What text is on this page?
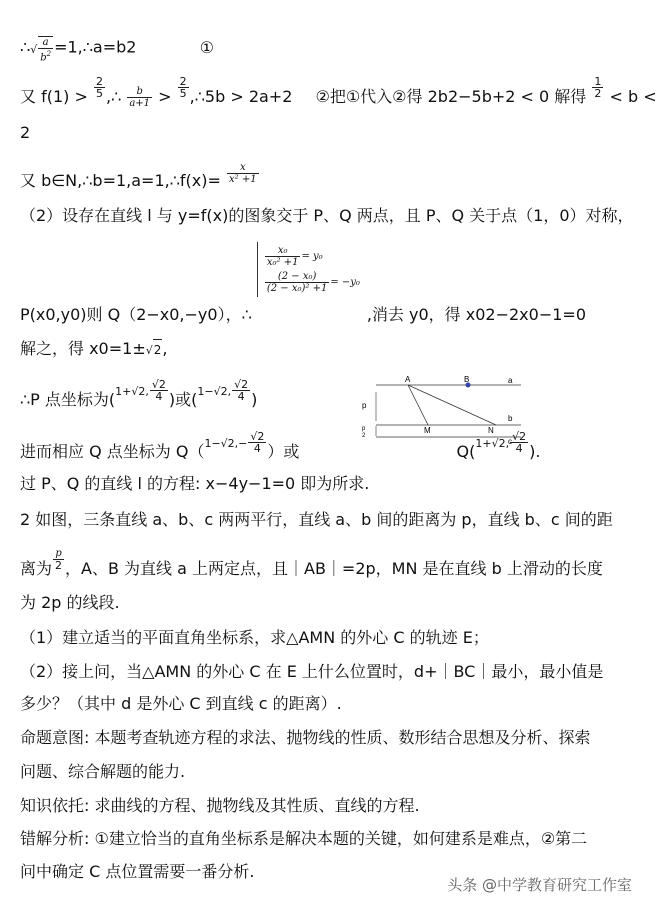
∴√ $\frac{a}{b^2}$ =1,∴a=b2	①
又 $f(1) > \frac{2}{5}$ ,∴ $\frac{b}{a+1} > \frac{2}{5}$ ,∴5b > 2a+2 ②把①代入②得 2b2−5b+2 < 0 解得 $\frac{1}{2} < b$ <
2
又 b∈N,∴b=1,a=1,∴f(x)= $\frac{x}{\text{x² +1}}$
（2）设存在直线 l 与 y=f(x)的图象交于 P、Q 两点，且 P、Q 关于点（1，0）对称，
P(x0,y0)则 Q（2−x0,−y0），∴
$\frac{\text{x₀}}{\text{x₀² +1}} = y_0$
$\frac{\text{(2 − x₀)}}{\text{(2 − x₀)² +1}} = -y_0$
,消去 y0，得 x02−2x0−1=0
解之，得 x0=1±√2,
∴P 点坐标为($^{1+√2,} \frac{√2}{4}$ )或($^{1-√2,} \frac{√2}{4}$ )
进而相应 Q 点坐标为 $Q(^{1-√2,-} \frac{√2}{4}$ ）或	$Q(^{1+√2,} \frac{√2}{4}$ ).
过 P、Q 的直线 l 的方程: x−4y−1=0 即为所求.
2 如图，三条直线 a、b、c 两两平行，直线 a、b 间的距离为 p，直线 b、c 间的距
离为 $\frac{p}{2}$ ，A、B 为直线 a 上两定点，且｜AB｜=2p，MN 是在直线 b 上滑动的长度
为 2p 的线段.
（1）建立适当的平面直角坐标系，求△AMN 的外心 C 的轨迹 E；
（2）接上问，当△AMN 的外心 C 在 E 上什么位置时，d+｜BC｜最小，最小值是
多少？（其中 d 是外心 C 到直线 c 的距离）.
命题意图: 本题考查轨迹方程的求法、抛物线的性质、数形结合思想及分析、探索
问题、综合解题的能力.
知识依托: 求曲线的方程、抛物线及其性质、直线的方程.
错解分析: ①建立恰当的直角坐标系是解决本题的关键，如何建系是难点，②第二
问中确定 C 点位置需要一番分析.
A	B
M	N
a
b
c
p
p
2
头条 @中学教育研究工作室
